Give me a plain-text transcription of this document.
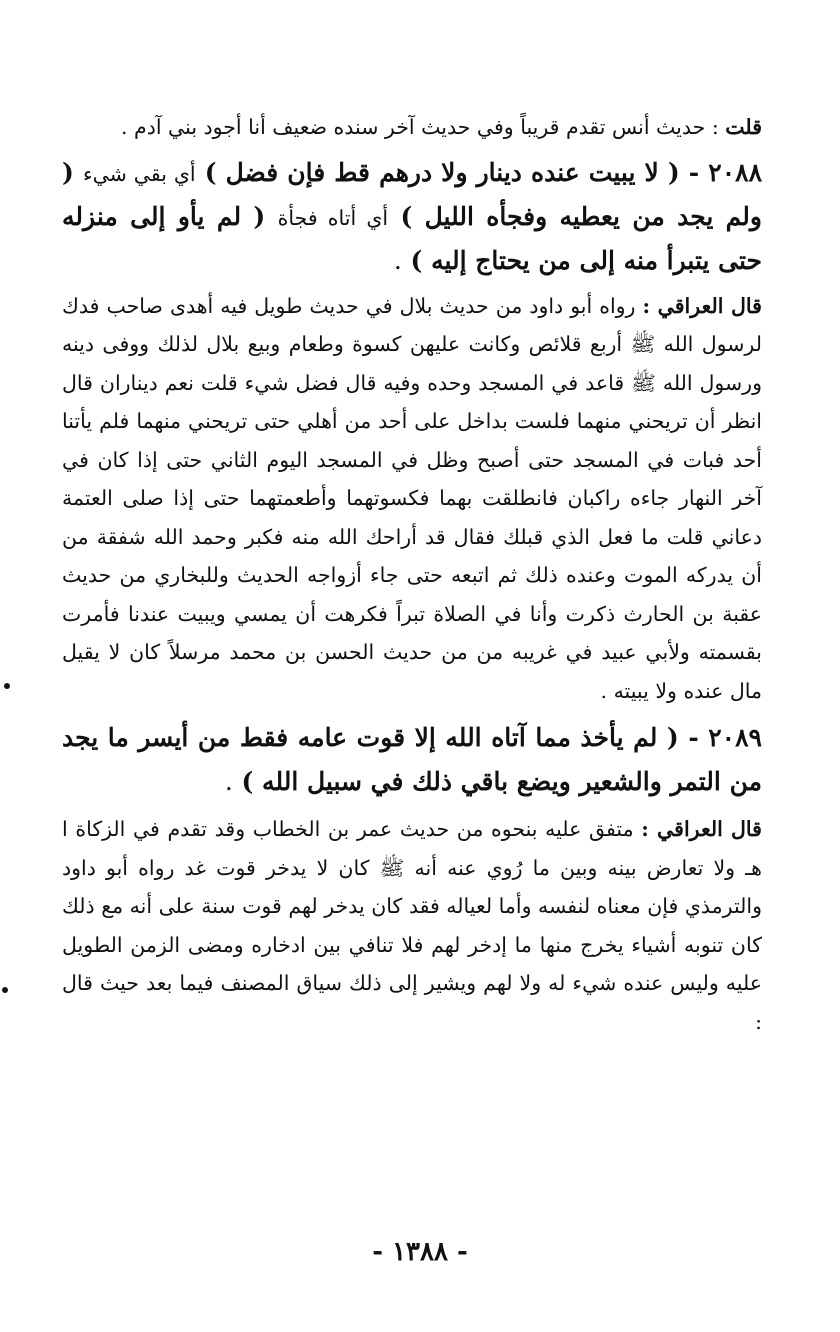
قلت : حديث أنس تقدم قريباً وفي حديث آخر سنده ضعيف أنا أجود بني آدم .

٢٠٨٨ - ( لا يبيت عنده دينار ولا درهم قط فإن فضل ) أي بقي شيء ( ولم يجد من يعطيه وفجأه الليل ) أي أتاه فجأة ( لم يأو إلى منزله حتى يتبرأ منه إلى من يحتاج إليه ) .

قال العراقي : رواه أبو داود من حديث بلال في حديث طويل فيه أهدى صاحب فدك لرسول الله ﷺ أربع قلائص وكانت عليهن كسوة وطعام وبيع بلال لذلك ووفى دينه ورسول الله ﷺ قاعد في المسجد وحده وفيه قال فضل شيء قلت نعم ديناران قال انظر أن تريحني منهما فلست بداخل على أحد من أهلي حتى تريحني منهما فلم يأتنا أحد فبات في المسجد حتى أصبح وظل في المسجد اليوم الثاني حتى إذا كان في آخر النهار جاءه راكبان فانطلقت بهما فكسوتهما وأطعمتهما حتى إذا صلى العتمة دعاني قلت ما فعل الذي قبلك فقال قد أراحك الله منه فكبر وحمد الله شفقة من أن يدركه الموت وعنده ذلك ثم اتبعه حتى جاء أزواجه الحديث وللبخاري من حديث عقبة بن الحارث ذكرت وأنا في الصلاة تبراً فكرهت أن يمسي ويبيت عندنا فأمرت بقسمته ولأبي عبيد في غريبه من من حديث الحسن بن محمد مرسلاً كان لا يقيل مال عنده ولا يبيته .

٢٠٨٩ - ( لم يأخذ مما آتاه الله إلا قوت عامه فقط من أيسر ما يجد من التمر والشعير ويضع باقي ذلك في سبيل الله ) .

قال العراقي : متفق عليه بنحوه من حديث عمر بن الخطاب وقد تقدم في الزكاة ا هـ ولا تعارض بينه وبين ما رُوي عنه أنه ﷺ كان لا يدخر قوت غد رواه أبو داود والترمذي فإن معناه لنفسه وأما لعياله فقد كان يدخر لهم قوت سنة على أنه مع ذلك كان تنوبه أشياء يخرج منها ما إدخر لهم فلا تنافي بين ادخاره ومضى الزمن الطويل عليه وليس عنده شيء له ولا لهم ويشير إلى ذلك سياق المصنف فيما بعد حيث قال :

- ١٣٨٨ -
